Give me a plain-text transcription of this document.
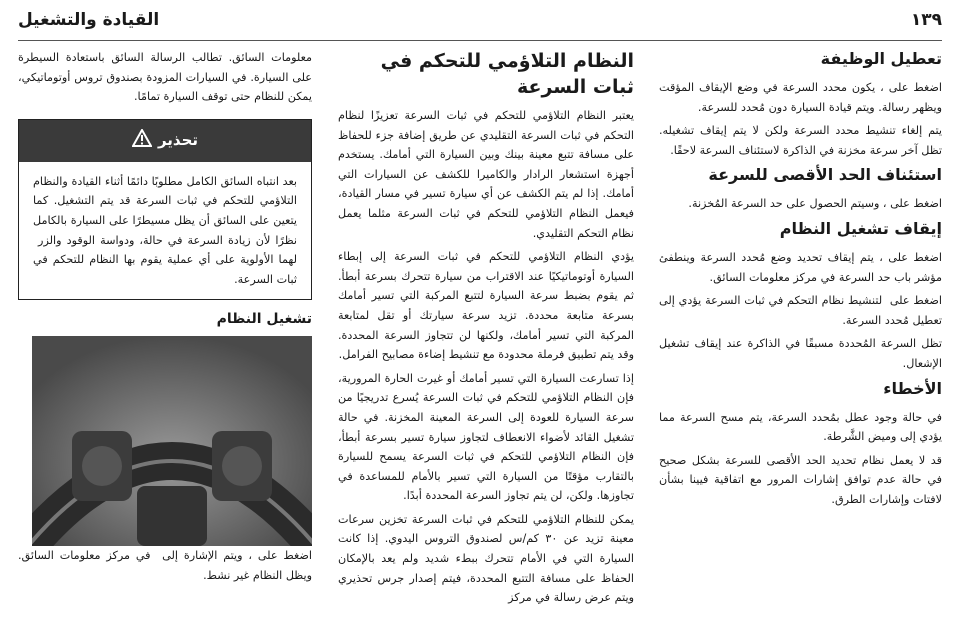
١٣٩
القيادة والتشغيل
تعطيل الوظيفة

اضغط على ‎‏، يكون محدد السرعة في وضع الإيقاف المؤقت ويظهر رسالة. ويتم قيادة السيارة دون مُحدد للسرعة.

يتم إلغاء تنشيط محدد السرعة ولكن لا يتم إيقاف تشغيله. تظل آخر سرعة مخزنة في الذاكرة لاستئناف السرعة لاحقًا.

استئناف الحد الأقصى للسرعة

اضغط على ‎‏، وسيتم الحصول على حد السرعة المُخزنة.

إيقاف تشغيل النظام

اضغط على ‎‏، يتم إيقاف تحديد وضع مُحدد السرعة وينطفئ مؤشر باب حد السرعة في مركز معلومات السائق.

اضغط على ‎‏ لتنشيط نظام التحكم في ثبات السرعة يؤدي إلى تعطيل مُحدد السرعة.

تظل السرعة المُحددة مسبقًا في الذاكرة عند إيقاف تشغيل الإشعال.

الأخطاء

في حالة وجود عطل بمُحدد السرعة، يتم مسح السرعة مما يؤدي إلى وميض الشَّرطة.

قد لا يعمل نظام تحديد الحد الأقصى للسرعة بشكل صحيح في حالة عدم توافق إشارات المرور مع اتفاقية فيينا بشأن لافتات وإشارات الطرق.

النظام التلاؤمي للتحكم في ثبات السرعة

يعتبر النظام التلاؤمي للتحكم في ثبات السرعة تعزيزًا لنظام التحكم في ثبات السرعة التقليدي عن طريق إضافة جزء للحفاظ على مسافة تتبع معينة بينك وبين السيارة التي أمامك. يستخدم أجهزة استشعار الرادار والكاميرا للكشف عن السيارات التي أمامك. إذا لم يتم الكشف عن أي سيارة تسير في مسار القيادة، فيعمل النظام التلاؤمي للتحكم في ثبات السرعة مثلما يعمل نظام التحكم التقليدي.

يؤدي النظام التلاؤمي للتحكم في ثبات السرعة إلى إبطاء السيارة أوتوماتيكيًا عند الاقتراب من سيارة تتحرك بسرعة أبطأ. ثم يقوم بضبط سرعة السيارة لتتبع المركبة التي تسير أمامك بسرعة متابعة محددة. تزيد سرعة سيارتك أو تقل لمتابعة المركبة التي تسير أمامك، ولكنها لن تتجاوز السرعة المحددة. وقد يتم تطبيق فرملة محدودة مع تنشيط إضاءة مصابيح الفرامل.

إذا تسارعت السيارة التي تسير أمامك أو غيرت الحارة المرورية، فإن النظام التلاؤمي للتحكم في ثبات السرعة يُسرع تدريجيًا من سرعة السيارة للعودة إلى السرعة المعينة المخزنة. في حالة تشغيل القائد لأضواء الانعطاف لتجاوز سيارة تسير بسرعة أبطأ، فإن النظام التلاؤمي للتحكم في ثبات السرعة يسمح للسيارة بالتقارب مؤقتًا من السيارة التي تسير بالأمام للمساعدة في تجاوزها. ولكن، لن يتم تجاوز السرعة المحددة أبدًا.

يمكن للنظام التلاؤمي للتحكم في ثبات السرعة تخزين سرعات معينة تزيد عن ٣٠ كم/س لصندوق التروس اليدوي. إذا كانت السيارة التي في الأمام تتحرك ببطء شديد ولم يعد بالإمكان الحفاظ على مسافة التتبع المحددة، فيتم إصدار جرس تحذيري ويتم عرض رسالة في مركز

معلومات السائق. تطالب الرسالة السائق باستعادة السيطرة على السيارة. في السيارات المزودة بصندوق تروس أوتوماتيكي، يمكن للنظام حتى توقف السيارة تمامًا.

تحذير
بعد انتباه السائق الكامل مطلوبًا دائمًا أثناء القيادة والنظام التلاؤمي للتحكم في ثبات السرعة قد يتم التشغيل. كما يتعين على السائق أن يظل مسيطرًا على السيارة بالكامل نظرًا لأن زيادة السرعة في حالة، ودواسة الوقود والزر لهما الأولوية على أي عملية يقوم بها النظام للتحكم في ثبات السرعة.
تشغيل النظام

اضغط على ‎‏، ويتم الإشارة إلى ‎‏ في مركز معلومات السائق. ويظل النظام غير نشط.
